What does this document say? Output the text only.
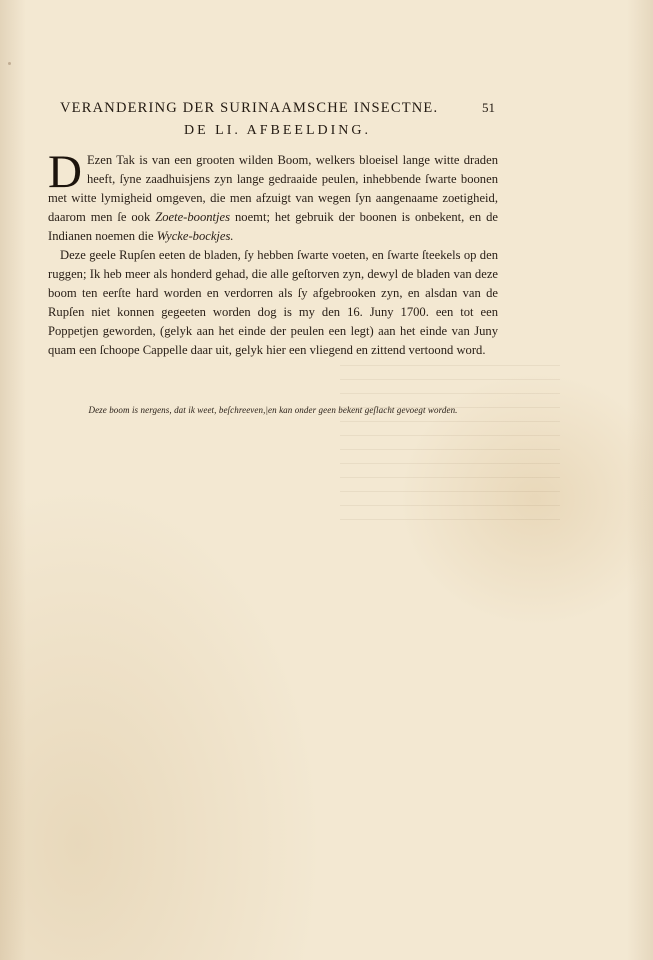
VERANDERING DER SURINAAMSCHE INSECTNE.	51
DE LI. AFBEELDING.

D Ezen Tak is van een grooten wilden Boom, welkers bloeisel lange witte draden heeft, ſyne zaadhuisjens zyn lange gedraaide peulen, inhebbende ſwarte boonen met witte lymigheid omgeven, die men afzuigt van wegen ſyn aangenaame zoetigheid, daarom men ſe ook Zoete-boontjes noemt; het gebruik der boonen is onbekent, en de Indianen noemen die Wycke-bockjes.

Deze geele Rupſen eeten de bladen, ſy hebben ſwarte voeten, en ſwarte ſteekels op den ruggen; Ik heb meer als honderd gehad, die alle geſtorven zyn, dewyl de bladen van deze boom ten eerſte hard worden en verdorren als ſy afgebrooken zyn, en alsdan van de Rupſen niet konnen gegeeten worden dog is my den 16. Juny 1700. een tot een Poppetjen geworden, (gelyk aan het einde der peulen een legt) aan het einde van Juny quam een ſchoope Cappelle daar uit, gelyk hier een vliegend en zittend vertoond word.

Deze boom is nergens, dat ik weet, beſchreeven,|en kan onder geen bekent geſlacht gevoegt worden.
